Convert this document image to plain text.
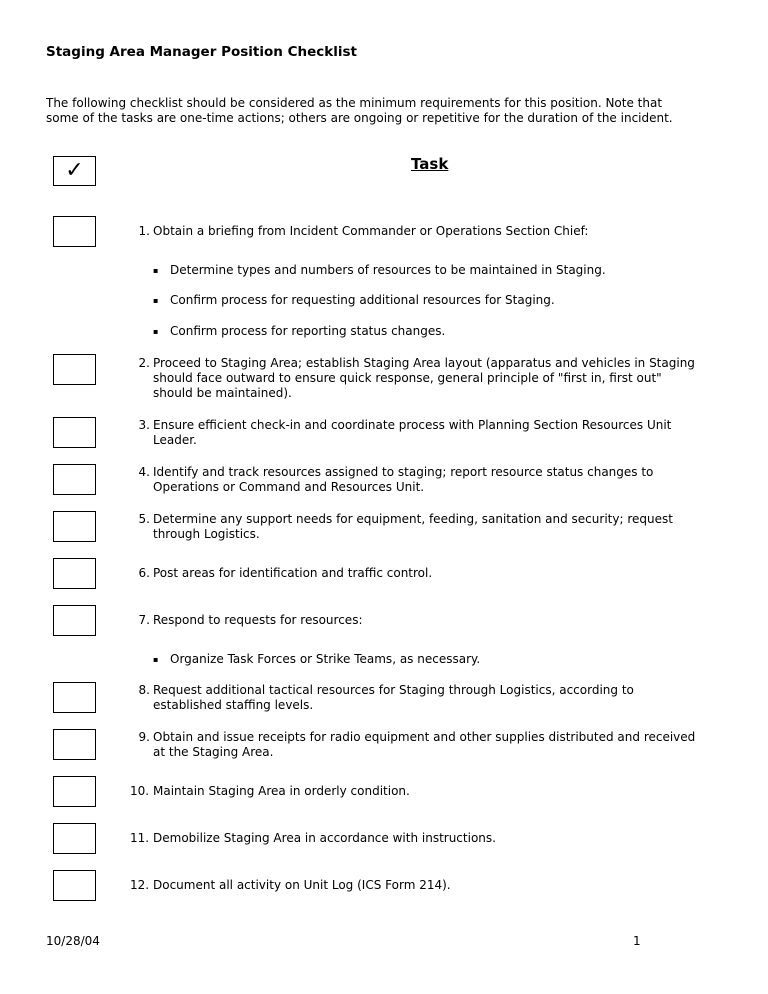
Staging Area Manager Position Checklist
The following checklist should be considered as the minimum requirements for this position. Note that
some of the tasks are one-time actions; others are ongoing or repetitive for the duration of the incident.
✓	Task
1. Obtain a briefing from Incident Commander or Operations Section Chief:
▪ Determine types and numbers of resources to be maintained in Staging.
▪ Confirm process for requesting additional resources for Staging.
▪ Confirm process for reporting status changes.
2. Proceed to Staging Area; establish Staging Area layout (apparatus and vehicles in Staging
should face outward to ensure quick response, general principle of "first in, first out"
should be maintained).
3. Ensure efficient check-in and coordinate process with Planning Section Resources Unit
Leader.
4. Identify and track resources assigned to staging; report resource status changes to
Operations or Command and Resources Unit.
5. Determine any support needs for equipment, feeding, sanitation and security; request
through Logistics.
6. Post areas for identification and traffic control.
7. Respond to requests for resources:
▪ Organize Task Forces or Strike Teams, as necessary.
8. Request additional tactical resources for Staging through Logistics, according to
established staffing levels.
9. Obtain and issue receipts for radio equipment and other supplies distributed and received
at the Staging Area.
10. Maintain Staging Area in orderly condition.
11. Demobilize Staging Area in accordance with instructions.
12. Document all activity on Unit Log (ICS Form 214).
10/28/04	1
